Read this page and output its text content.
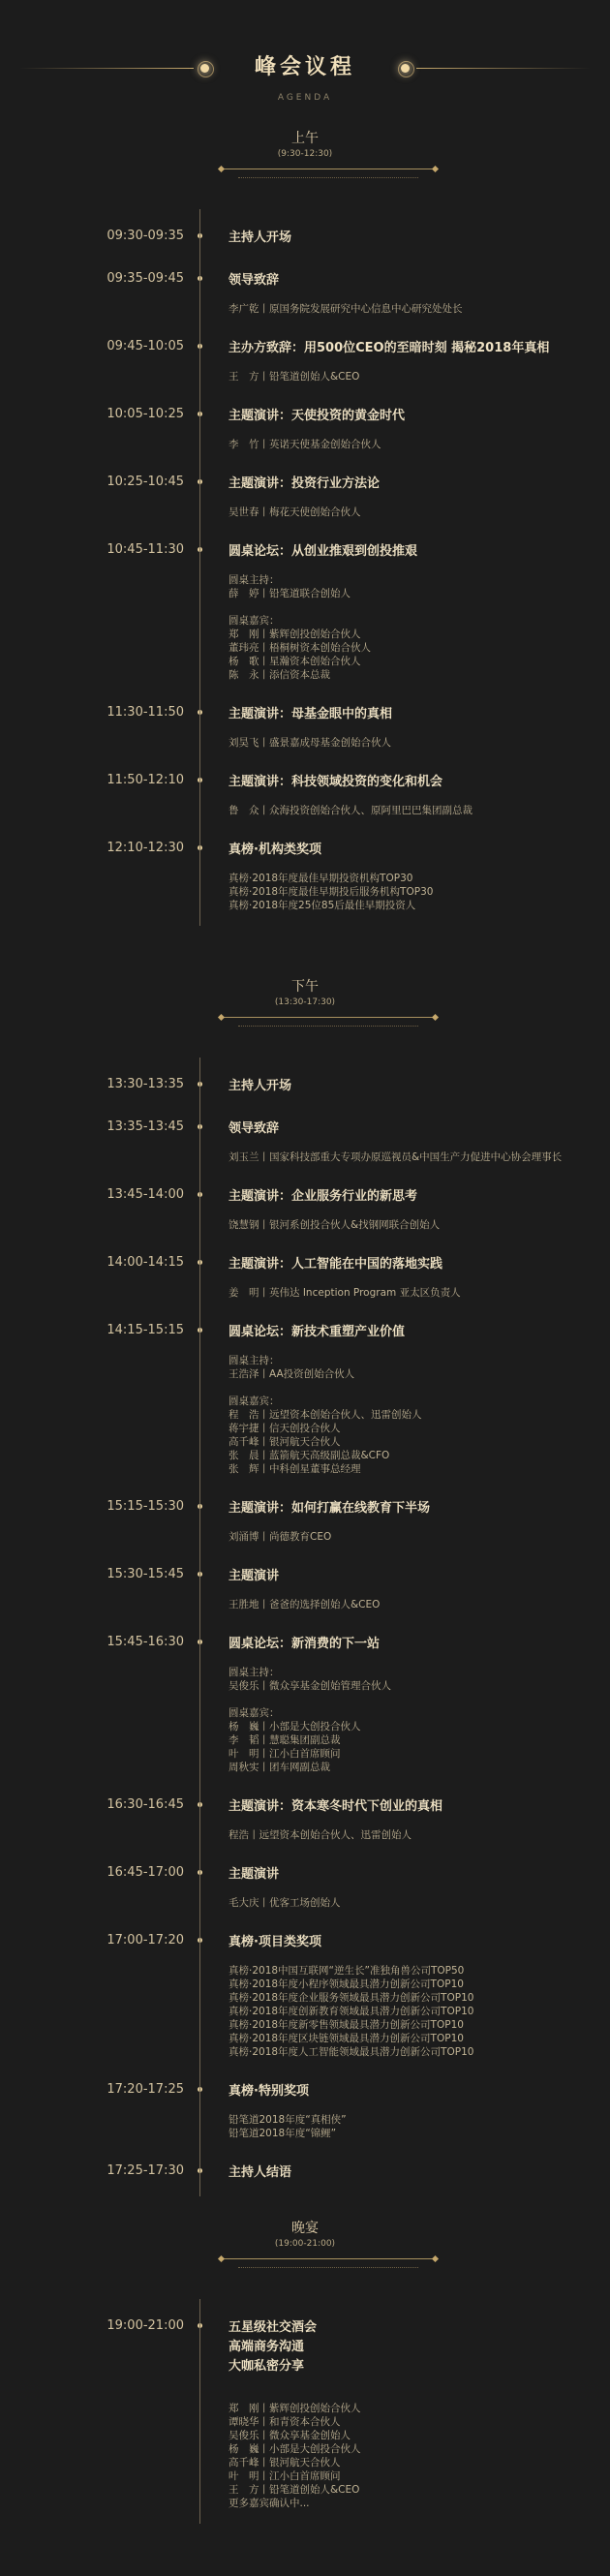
峰会议程
AGENDA
上午
(9:30-12:30)
09:30-09:35	主持人开场
09:35-09:45	领导致辞
李广乾丨原国务院发展研究中心信息中心研究处处长
09:45-10:05	主办方致辞：用500位CEO的至暗时刻 揭秘2018年真相
王　方丨铅笔道创始人&CEO
10:05-10:25	主题演讲：天使投资的黄金时代
李　竹丨英诺天使基金创始合伙人
10:25-10:45	主题演讲：投资行业方法论
吴世春丨梅花天使创始合伙人
10:45-11:30	圆桌论坛：从创业推艰到创投推艰
圆桌主持：
薛　婷丨铅笔道联合创始人
圆桌嘉宾：
郑　刚丨紫辉创投创始合伙人
董玮亮丨梧桐树资本创始合伙人
杨　歌丨星瀚资本创始合伙人
陈　永丨添信资本总裁
11:30-11:50	主题演讲：母基金眼中的真相
刘昊飞丨盛景嘉成母基金创始合伙人
11:50-12:10	主题演讲：科技领域投资的变化和机会
鲁　众丨众海投资创始合伙人、原阿里巴巴集团副总裁
12:10-12:30	真榜·机构类奖项
真榜·2018年度最佳早期投资机构TOP30
真榜·2018年度最佳早期投后服务机构TOP30
真榜·2018年度25位85后最佳早期投资人
下午
(13:30-17:30)
13:30-13:35	主持人开场
13:35-13:45	领导致辞
刘玉兰丨国家科技部重大专项办原巡视员&中国生产力促进中心协会理事长
13:45-14:00	主题演讲：企业服务行业的新思考
饶慧钢丨银河系创投合伙人&找钢网联合创始人
14:00-14:15	主题演讲：人工智能在中国的落地实践
姜　明丨英伟达 Inception Program 亚太区负责人
14:15-15:15	圆桌论坛：新技术重塑产业价值
圆桌主持：
王浩泽丨AA投资创始合伙人
圆桌嘉宾：
程　浩丨远望资本创始合伙人、迅雷创始人
蒋宇捷丨信天创投合伙人
高千峰丨银河航天合伙人
张　晨丨蓝箭航天高级副总裁&CFO
张　辉丨中科创星董事总经理
15:15-15:30	主题演讲：如何打赢在线教育下半场
刘涌博丨尚德教育CEO
15:30-15:45	主题演讲
王胜地丨爸爸的选择创始人&CEO
15:45-16:30	圆桌论坛：新消费的下一站
圆桌主持：
吴俊乐丨微众享基金创始管理合伙人
圆桌嘉宾：
杨　巍丨小部是大创投合伙人
李　韬丨慧聪集团副总裁
叶　明丨江小白首席顾问
周秋实丨团车网副总裁
16:30-16:45	主题演讲：资本寒冬时代下创业的真相
程浩丨远望资本创始合伙人、迅雷创始人
16:45-17:00	主题演讲
毛大庆丨优客工场创始人
17:00-17:20	真榜·项目类奖项
真榜·2018中国互联网“逆生长”准独角兽公司TOP50
真榜·2018年度小程序领域最具潜力创新公司TOP10
真榜·2018年度企业服务领域最具潜力创新公司TOP10
真榜·2018年度创新教育领域最具潜力创新公司TOP10
真榜·2018年度新零售领域最具潜力创新公司TOP10
真榜·2018年度区块链领域最具潜力创新公司TOP10
真榜·2018年度人工智能领域最具潜力创新公司TOP10
17:20-17:25	真榜·特别奖项
铅笔道2018年度“真相侠”
铅笔道2018年度“锦鲤”
17:25-17:30	主持人结语
晚宴
(19:00-21:00)
19:00-21:00	五星级社交酒会
高端商务沟通
大咖私密分享
郑　刚丨紫辉创投创始合伙人
谭晓华丨和青资本合伙人
吴俊乐丨微众享基金创始人
杨　巍丨小部是大创投合伙人
高千峰丨银河航天合伙人
叶　明丨江小白首席顾问
王　方丨铅笔道创始人&CEO
更多嘉宾确认中...
